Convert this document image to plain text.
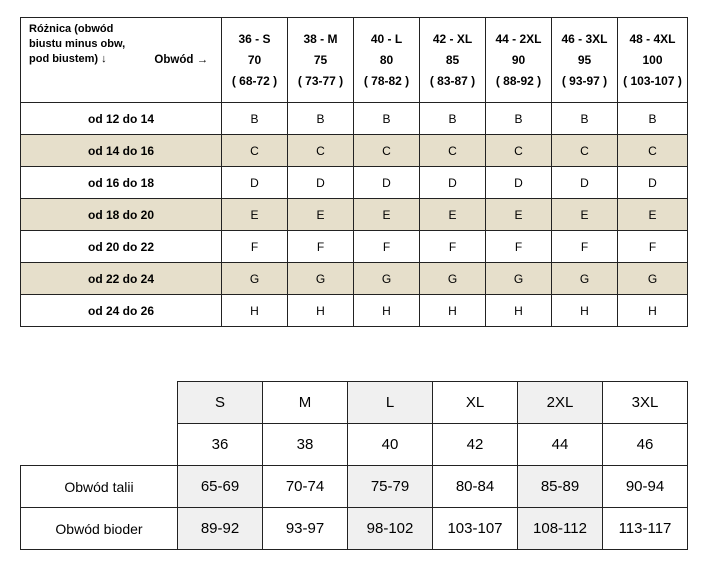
Różnica (obwód biustu minus obw, pod biustem) ↓	Obwód →	36 - S
70
( 68-72 )	38 - M
75
( 73-77 )	40 - L
80
( 78-82 )	42 - XL
85
( 83-87 )	44 - 2XL
90
( 88-92 )	46 - 3XL
95
( 93-97 )	48 - 4XL
100
( 103-107 )

od 12 do 14		B	B	B	B	B	B	B
od 14 do 16		C	C	C	C	C	C	C
od 16 do 18		D	D	D	D	D	D	D
od 18 do 20		E	E	E	E	E	E	E
od 20 do 22		F	F	F	F	F	F	F
od 22 do 24		G	G	G	G	G	G	G
od 24 do 26		H	H	H	H	H	H	H
	S	M	L	XL	2XL	3XL
	36	38	40	42	44	46
Obwód talii	65-69	70-74	75-79	80-84	85-89	90-94
Obwód bioder	89-92	93-97	98-102	103-107	108-112	113-117
